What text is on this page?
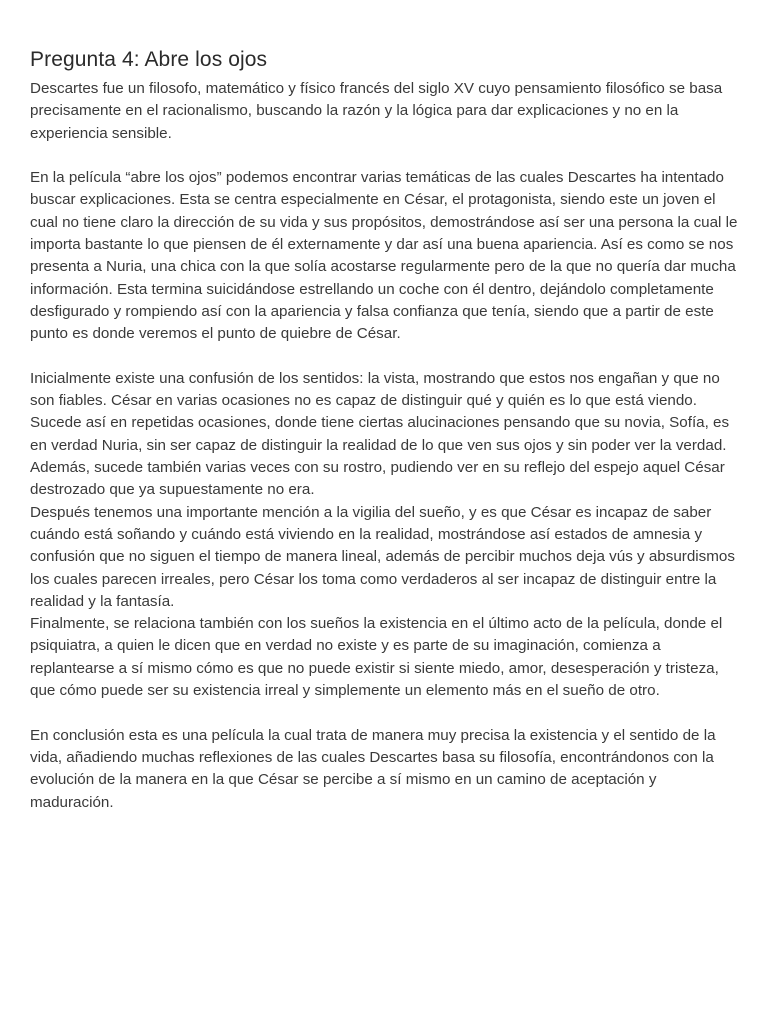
Pregunta 4: Abre los ojos

Descartes fue un filosofo, matemático y físico francés del siglo XV cuyo pensamiento filosófico se basa precisamente en el racionalismo, buscando la razón y la lógica para dar explicaciones y no en la experiencia sensible.

En la película “abre los ojos” podemos encontrar varias temáticas de las cuales Descartes ha intentado buscar explicaciones. Esta se centra especialmente en César, el protagonista, siendo este un joven el cual no tiene claro la dirección de su vida y sus propósitos, demostrándose así ser una persona la cual le importa bastante lo que piensen de él externamente y dar así una buena apariencia. Así es como se nos presenta a Nuria, una chica con la que solía acostarse regularmente pero de la que no quería dar mucha información. Esta termina suicidándose estrellando un coche con él dentro, dejándolo completamente desfigurado y rompiendo así con la apariencia y falsa confianza que tenía, siendo que a partir de este punto es donde veremos el punto de quiebre de César.

Inicialmente existe una confusión de los sentidos: la vista, mostrando que estos nos engañan y que no son fiables. César en varias ocasiones no es capaz de distinguir qué y quién es lo que está viendo. Sucede así en repetidas ocasiones, donde tiene ciertas alucinaciones pensando que su novia, Sofía, es en verdad Nuria, sin ser capaz de distinguir la realidad de lo que ven sus ojos y sin poder ver la verdad. Además, sucede también varias veces con su rostro, pudiendo ver en su reflejo del espejo aquel César destrozado que ya supuestamente no era.

Después tenemos una importante mención a la vigilia del sueño, y es que César es incapaz de saber cuándo está soñando y cuándo está viviendo en la realidad, mostrándose así estados de amnesia y confusión que no siguen el tiempo de manera lineal, además de percibir muchos deja vús y absurdismos los cuales parecen irreales, pero César los toma como verdaderos al ser incapaz de distinguir entre la realidad y la fantasía.

Finalmente, se relaciona también con los sueños la existencia en el último acto de la película, donde el psiquiatra, a quien le dicen que en verdad no existe y es parte de su imaginación, comienza a replantearse a sí mismo cómo es que no puede existir si siente miedo, amor, desesperación y tristeza, que cómo puede ser su existencia irreal y simplemente un elemento más en el sueño de otro.

En conclusión esta es una película la cual trata de manera muy precisa la existencia y el sentido de la vida, añadiendo muchas reflexiones de las cuales Descartes basa su filosofía, encontrándonos con la evolución de la manera en la que César se percibe a sí mismo en un camino de aceptación y maduración.
